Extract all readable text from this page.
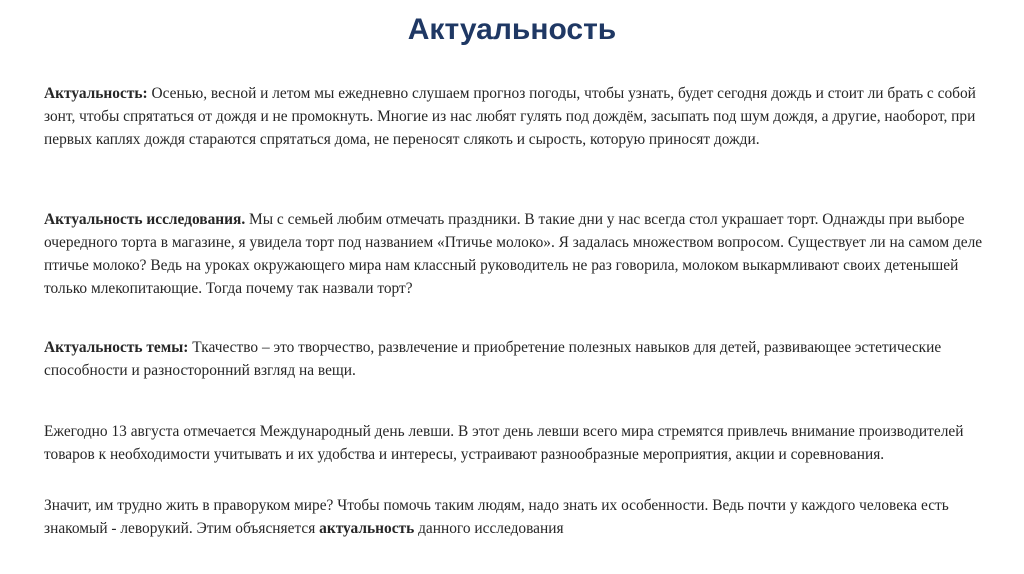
Актуальность

Актуальность: Осенью, весной и летом мы ежедневно слушаем прогноз погоды, чтобы узнать, будет сегодня дождь и стоит ли брать с собой зонт, чтобы спрятаться от дождя и не промокнуть. Многие из нас любят гулять под дождём, засыпать под шум дождя, а другие, наоборот, при первых каплях дождя стараются спрятаться дома, не переносят слякоть и сырость, которую приносят дожди.

Актуальность исследования. Мы с семьей любим отмечать праздники. В такие дни у нас всегда стол украшает торт. Однажды при выборе очередного торта в магазине, я увидела торт под названием «Птичье молоко». Я задалась множеством вопросом. Существует ли на самом деле птичье молоко? Ведь на уроках окружающего мира нам классный руководитель не раз говорила, молоком выкармливают своих детенышей только млекопитающие. Тогда почему так назвали торт?

Актуальность темы: Ткачество – это творчество, развлечение и приобретение полезных навыков для детей, развивающее эстетические способности и разносторонний взгляд на вещи.

Ежегодно 13 августа отмечается Международный день левши. В этот день левши всего мира стремятся привлечь внимание производителей товаров к необходимости учитывать и их удобства и интересы, устраивают разнообразные мероприятия, акции и соревнования.

Значит, им трудно жить в праворуком мире? Чтобы помочь таким людям, надо знать их особенности. Ведь почти у каждого человека есть знакомый - леворукий. Этим объясняется актуальность данного исследования
